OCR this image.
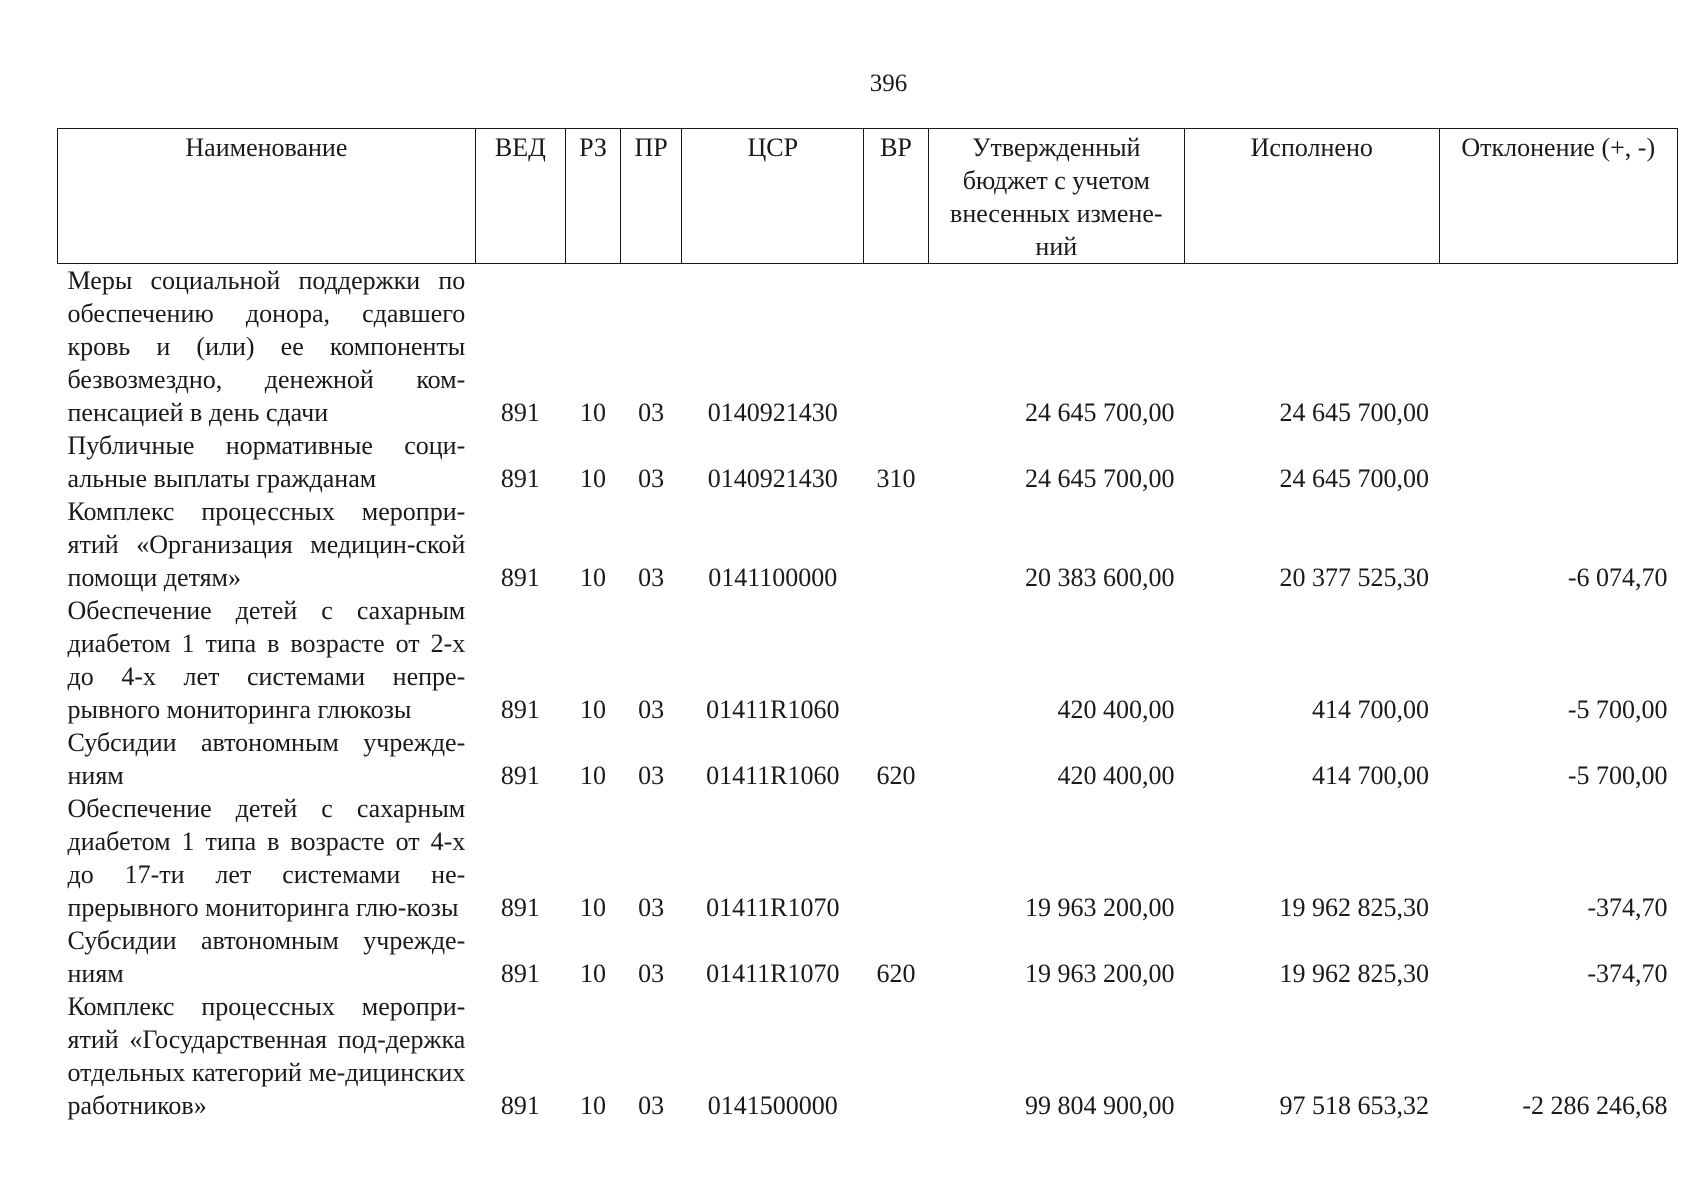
396
Наименование	ВЕД	РЗ	ПР	ЦСР	ВР	Утвержденный бюджет с учетом внесенных измене-ний	Исполнено	Отклонение (+, -)
Меры социальной поддержки по обеспечению донора, сдавшего кровь и (или) ее компоненты безвозмездно, денежной ком-пенсацией в день сдачи	891	10	03	0140921430		24 645 700,00	24 645 700,00	
Публичные нормативные соци-альные выплаты гражданам	891	10	03	0140921430	310	24 645 700,00	24 645 700,00	
Комплекс процессных меропри-ятий «Организация медицин-ской помощи детям»	891	10	03	0141100000		20 383 600,00	20 377 525,30	-6 074,70
Обеспечение детей с сахарным диабетом 1 типа в возрасте от 2-х до 4-х лет системами непре-рывного мониторинга глюкозы	891	10	03	01411R1060		420 400,00	414 700,00	-5 700,00
Субсидии автономным учрежде-ниям	891	10	03	01411R1060	620	420 400,00	414 700,00	-5 700,00
Обеспечение детей с сахарным диабетом 1 типа в возрасте от 4-х до 17-ти лет системами не-прерывного мониторинга глю-козы	891	10	03	01411R1070		19 963 200,00	19 962 825,30	-374,70
Субсидии автономным учрежде-ниям	891	10	03	01411R1070	620	19 963 200,00	19 962 825,30	-374,70
Комплекс процессных меропри-ятий «Государственная под-держка отдельных категорий ме-дицинских работников»	891	10	03	0141500000		99 804 900,00	97 518 653,32	-2 286 246,68
